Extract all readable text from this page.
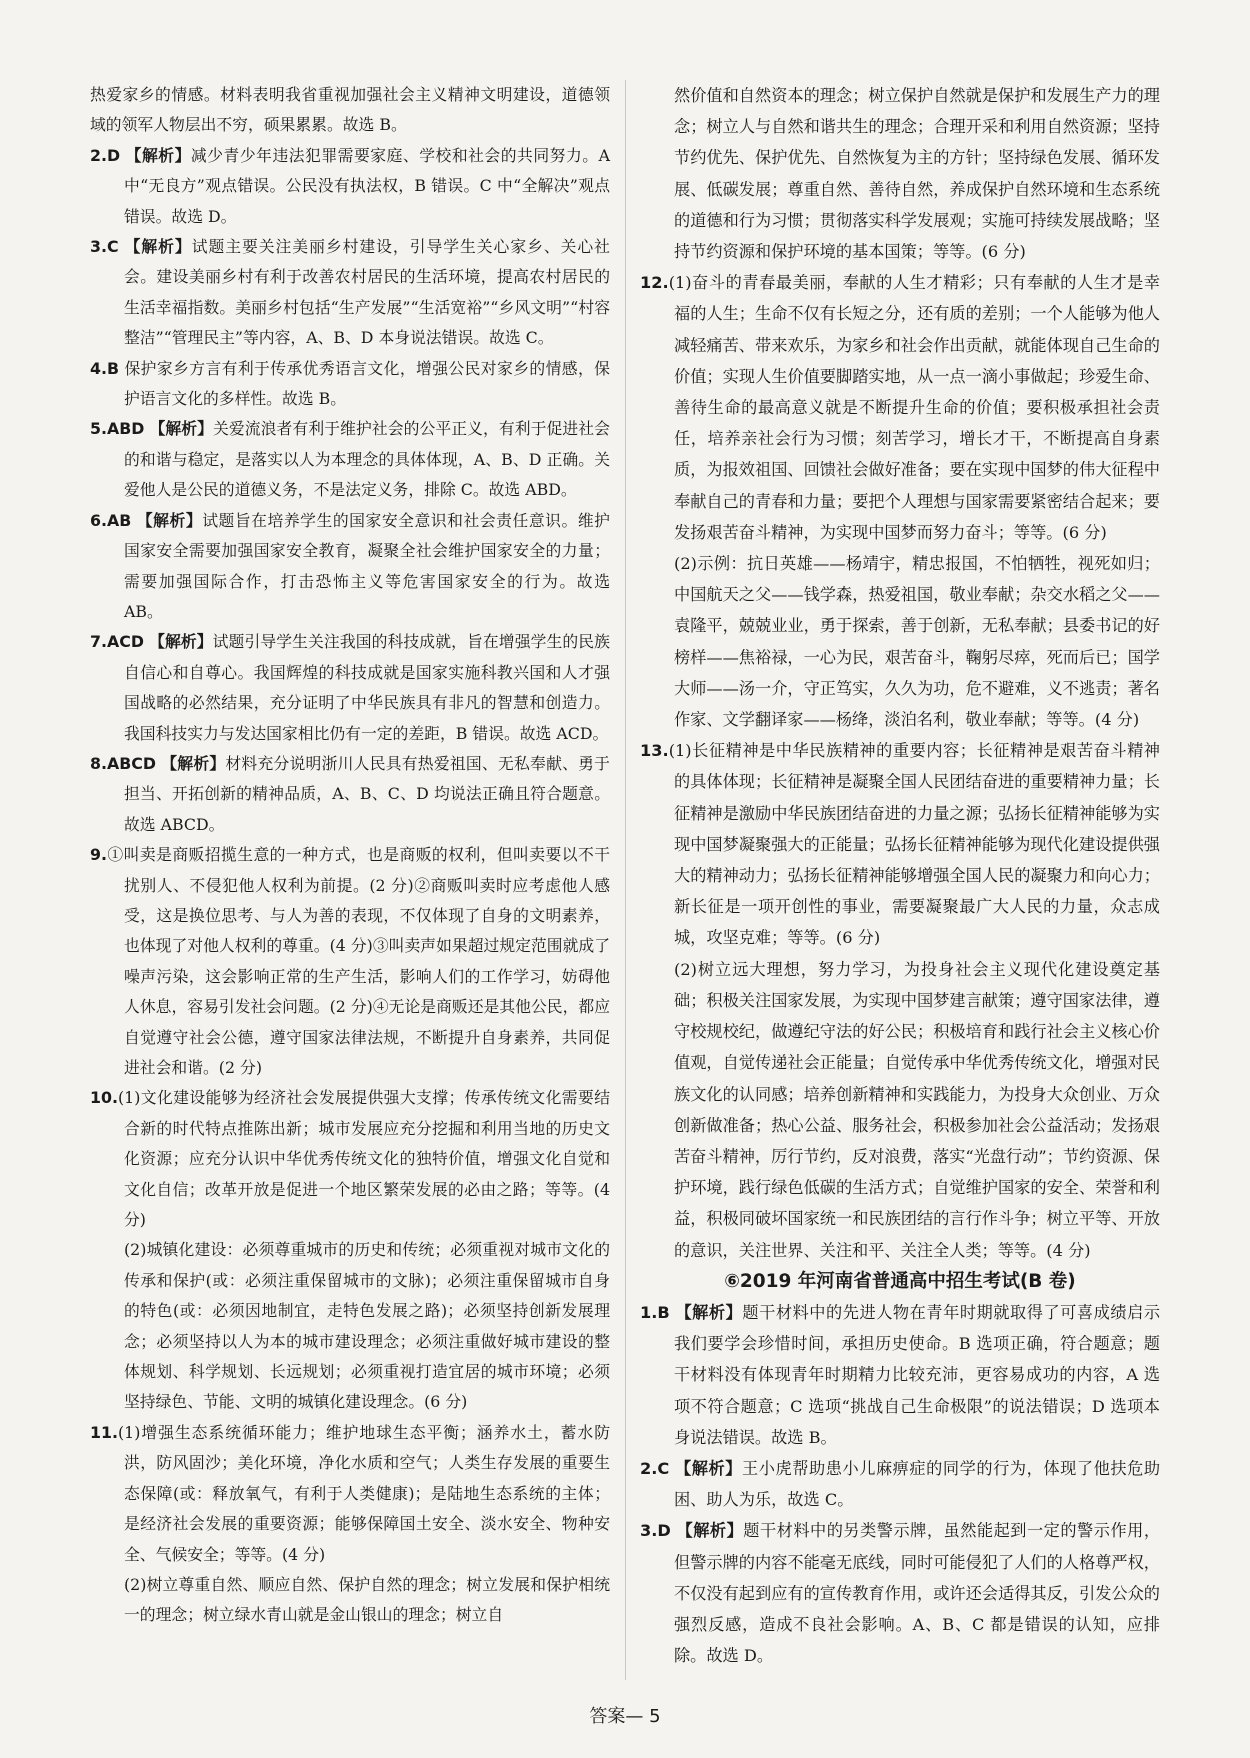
热爱家乡的情感。材料表明我省重视加强社会主义精神文明建设，道德领域的领军人物层出不穷，硕果累累。故选 B。

2.D 【解析】减少青少年违法犯罪需要家庭、学校和社会的共同努力。A 中“无良方”观点错误。公民没有执法权，B 错误。C 中“全解决”观点错误。故选 D。

3.C 【解析】试题主要关注美丽乡村建设，引导学生关心家乡、关心社会。建设美丽乡村有利于改善农村居民的生活环境，提高农村居民的生活幸福指数。美丽乡村包括“生产发展”“生活宽裕”“乡风文明”“村容整洁”“管理民主”等内容，A、B、D 本身说法错误。故选 C。

4.B 保护家乡方言有利于传承优秀语言文化，增强公民对家乡的情感，保护语言文化的多样性。故选 B。

5.ABD 【解析】关爱流浪者有利于维护社会的公平正义，有利于促进社会的和谐与稳定，是落实以人为本理念的具体体现，A、B、D 正确。关爱他人是公民的道德义务，不是法定义务，排除 C。故选 ABD。

6.AB 【解析】试题旨在培养学生的国家安全意识和社会责任意识。维护国家安全需要加强国家安全教育，凝聚全社会维护国家安全的力量；需要加强国际合作，打击恐怖主义等危害国家安全的行为。故选 AB。

7.ACD 【解析】试题引导学生关注我国的科技成就，旨在增强学生的民族自信心和自尊心。我国辉煌的科技成就是国家实施科教兴国和人才强国战略的必然结果，充分证明了中华民族具有非凡的智慧和创造力。我国科技实力与发达国家相比仍有一定的差距，B 错误。故选 ACD。

8.ABCD 【解析】材料充分说明浙川人民具有热爱祖国、无私奉献、勇于担当、开拓创新的精神品质，A、B、C、D 均说法正确且符合题意。故选 ABCD。

9.①叫卖是商贩招揽生意的一种方式，也是商贩的权利，但叫卖要以不干扰别人、不侵犯他人权利为前提。(2 分)②商贩叫卖时应考虑他人感受，这是换位思考、与人为善的表现，不仅体现了自身的文明素养，也体现了对他人权利的尊重。(4 分)③叫卖声如果超过规定范围就成了噪声污染，这会影响正常的生产生活，影响人们的工作学习，妨碍他人休息，容易引发社会问题。(2 分)④无论是商贩还是其他公民，都应自觉遵守社会公德，遵守国家法律法规，不断提升自身素养，共同促进社会和谐。(2 分)

10.(1)文化建设能够为经济社会发展提供强大支撑；传承传统文化需要结合新的时代特点推陈出新；城市发展应充分挖掘和利用当地的历史文化资源；应充分认识中华优秀传统文化的独特价值，增强文化自觉和文化自信；改革开放是促进一个地区繁荣发展的必由之路；等等。(4 分)

(2)城镇化建设：必须尊重城市的历史和传统；必须重视对城市文化的传承和保护(或：必须注重保留城市的文脉)；必须注重保留城市自身的特色(或：必须因地制宜，走特色发展之路)；必须坚持创新发展理念；必须坚持以人为本的城市建设理念；必须注重做好城市建设的整体规划、科学规划、长远规划；必须重视打造宜居的城市环境；必须坚持绿色、节能、文明的城镇化建设理念。(6 分)

11.(1)增强生态系统循环能力；维护地球生态平衡；涵养水土，蓄水防洪，防风固沙；美化环境，净化水质和空气；人类生存发展的重要生态保障(或：释放氧气，有利于人类健康)；是陆地生态系统的主体；是经济社会发展的重要资源；能够保障国土安全、淡水安全、物种安全、气候安全；等等。(4 分)

(2)树立尊重自然、顺应自然、保护自然的理念；树立发展和保护相统一的理念；树立绿水青山就是金山银山的理念；树立自

然价值和自然资本的理念；树立保护自然就是保护和发展生产力的理念；树立人与自然和谐共生的理念；合理开采和利用自然资源；坚持节约优先、保护优先、自然恢复为主的方针；坚持绿色发展、循环发展、低碳发展；尊重自然、善待自然，养成保护自然环境和生态系统的道德和行为习惯；贯彻落实科学发展观；实施可持续发展战略；坚持节约资源和保护环境的基本国策；等等。(6 分)

12.(1)奋斗的青春最美丽，奉献的人生才精彩；只有奉献的人生才是幸福的人生；生命不仅有长短之分，还有质的差别；一个人能够为他人减轻痛苦、带来欢乐，为家乡和社会作出贡献，就能体现自己生命的价值；实现人生价值要脚踏实地，从一点一滴小事做起；珍爱生命、善待生命的最高意义就是不断提升生命的价值；要积极承担社会责任，培养亲社会行为习惯；刻苦学习，增长才干，不断提高自身素质，为报效祖国、回馈社会做好准备；要在实现中国梦的伟大征程中奉献自己的青春和力量；要把个人理想与国家需要紧密结合起来；要发扬艰苦奋斗精神，为实现中国梦而努力奋斗；等等。(6 分)

(2)示例：抗日英雄——杨靖宇，精忠报国，不怕牺牲，视死如归；中国航天之父——钱学森，热爱祖国，敬业奉献；杂交水稻之父——袁隆平，兢兢业业，勇于探索，善于创新，无私奉献；县委书记的好榜样——焦裕禄，一心为民，艰苦奋斗，鞠躬尽瘁，死而后已；国学大师——汤一介，守正笃实，久久为功，危不避难，义不逃责；著名作家、文学翻译家——杨绛，淡泊名利，敬业奉献；等等。(4 分)

13.(1)长征精神是中华民族精神的重要内容；长征精神是艰苦奋斗精神的具体体现；长征精神是凝聚全国人民团结奋进的重要精神力量；长征精神是激励中华民族团结奋进的力量之源；弘扬长征精神能够为实现中国梦凝聚强大的正能量；弘扬长征精神能够为现代化建设提供强大的精神动力；弘扬长征精神能够增强全国人民的凝聚力和向心力；新长征是一项开创性的事业，需要凝聚最广大人民的力量，众志成城，攻坚克难；等等。(6 分)

(2)树立远大理想，努力学习，为投身社会主义现代化建设奠定基础；积极关注国家发展，为实现中国梦建言献策；遵守国家法律，遵守校规校纪，做遵纪守法的好公民；积极培育和践行社会主义核心价值观，自觉传递社会正能量；自觉传承中华优秀传统文化，增强对民族文化的认同感；培养创新精神和实践能力，为投身大众创业、万众创新做准备；热心公益、服务社会，积极参加社会公益活动；发扬艰苦奋斗精神，厉行节约，反对浪费，落实“光盘行动”；节约资源、保护环境，践行绿色低碳的生活方式；自觉维护国家的安全、荣誉和利益，积极同破坏国家统一和民族团结的言行作斗争；树立平等、开放的意识，关注世界、关注和平、关注全人类；等等。(4 分)

⑥2019 年河南省普通高中招生考试(B 卷)

1.B 【解析】题干材料中的先进人物在青年时期就取得了可喜成绩启示我们要学会珍惜时间，承担历史使命。B 选项正确，符合题意；题干材料没有体现青年时期精力比较充沛，更容易成功的内容，A 选项不符合题意；C 选项“挑战自己生命极限”的说法错误；D 选项本身说法错误。故选 B。

2.C 【解析】王小虎帮助患小儿麻痹症的同学的行为，体现了他扶危助困、助人为乐，故选 C。

3.D 【解析】题干材料中的另类警示牌，虽然能起到一定的警示作用，但警示牌的内容不能毫无底线，同时可能侵犯了人们的人格尊严权，不仅没有起到应有的宣传教育作用，或许还会适得其反，引发公众的强烈反感，造成不良社会影响。A、B、C 都是错误的认知，应排除。故选 D。

答案— 5
